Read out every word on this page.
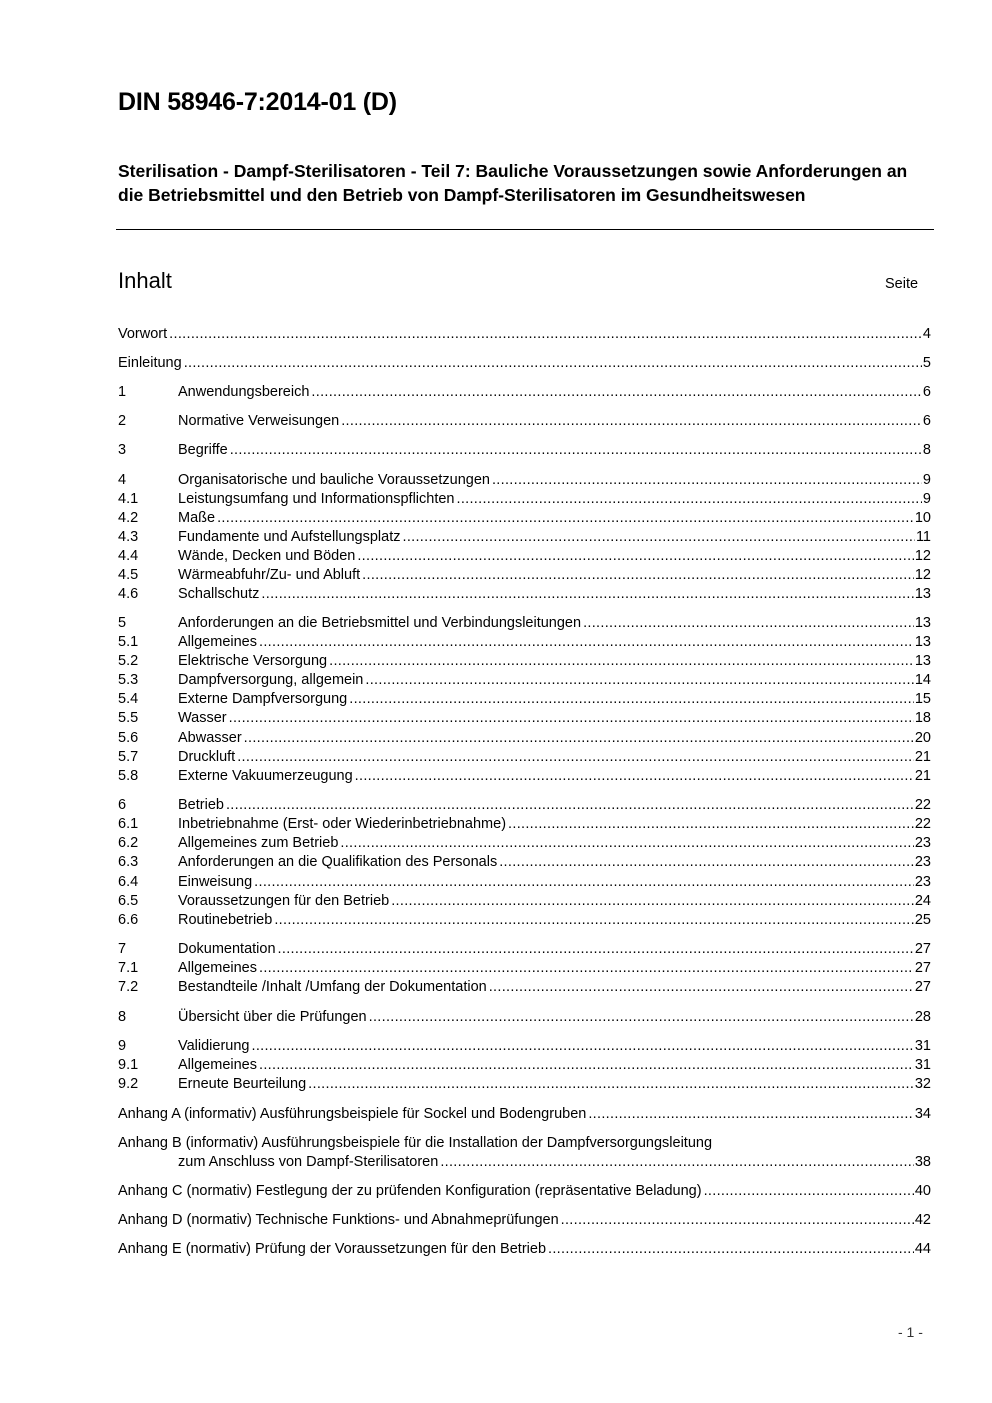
DIN 58946-7:2014-01 (D)
Sterilisation - Dampf-Sterilisatoren - Teil 7: Bauliche Voraussetzungen sowie Anforderungen an die Betriebsmittel und den Betrieb von Dampf-Sterilisatoren im Gesundheitswesen
Inhalt	Seite
Vorwort .....	4
Einleitung .....	5
1	Anwendungsbereich .....	6
2	Normative Verweisungen .....	6
3	Begriffe .....	8
4	Organisatorische und bauliche Voraussetzungen .....	9
4.1	Leistungsumfang und Informationspflichten .....	9
4.2	Maße .....	10
4.3	Fundamente und Aufstellungsplatz .....	11
4.4	Wände, Decken und Böden .....	12
4.5	Wärmeabfuhr/Zu- und Abluft .....	12
4.6	Schallschutz .....	13
5	Anforderungen an die Betriebsmittel und Verbindungsleitungen .....	13
5.1	Allgemeines .....	13
5.2	Elektrische Versorgung .....	13
5.3	Dampfversorgung, allgemein .....	14
5.4	Externe Dampfversorgung .....	15
5.5	Wasser .....	18
5.6	Abwasser .....	20
5.7	Druckluft .....	21
5.8	Externe Vakuumerzeugung .....	21
6	Betrieb .....	22
6.1	Inbetriebnahme (Erst- oder Wiederinbetriebnahme) .....	22
6.2	Allgemeines zum Betrieb .....	23
6.3	Anforderungen an die Qualifikation des Personals .....	23
6.4	Einweisung .....	23
6.5	Voraussetzungen für den Betrieb .....	24
6.6	Routinebetrieb .....	25
7	Dokumentation .....	27
7.1	Allgemeines .....	27
7.2	Bestandteile /Inhalt /Umfang der Dokumentation .....	27
8	Übersicht über die Prüfungen .....	28
9	Validierung .....	31
9.1	Allgemeines .....	31
9.2	Erneute Beurteilung .....	32
Anhang A (informativ) Ausführungsbeispiele für Sockel und Bodengruben .....	34
Anhang B (informativ) Ausführungsbeispiele für die Installation der Dampfversorgungsleitung
zum Anschluss von Dampf-Sterilisatoren .....	38
Anhang C (normativ) Festlegung der zu prüfenden Konfiguration (repräsentative Beladung) .....	40
Anhang D (normativ) Technische Funktions- und Abnahmeprüfungen .....	42
Anhang E (normativ) Prüfung der Voraussetzungen für den Betrieb .....	44
- 1 -
